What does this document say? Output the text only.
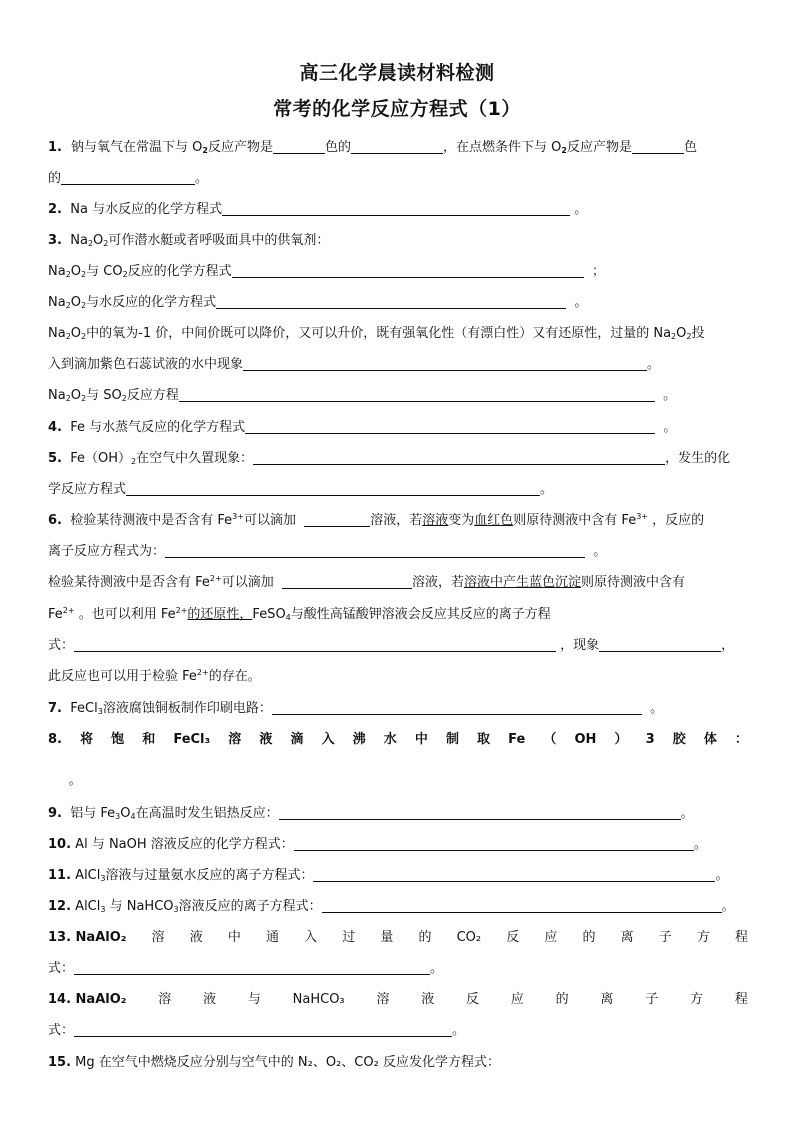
高三化学晨读材料检测
常考的化学反应方程式（1）
1. 钠与氧气在常温下与 $O_2$反应产物是	色的	，在点燃条件下与 $O_2$反应产物是	色
的	。
2. Na 与水反应的化学方程式	。
3. $Na_2O_2$可作潜水艇或者呼吸面具中的供氧剂：
$Na_2O_2$与 $CO_2$反应的化学方程式	；
$Na_2O_2$与水反应的化学方程式	。
$Na_2O_2$中的氧为-1 价，中间价既可以降价，又可以升价，既有强氧化性（有漂白性）又有还原性，过量的 $Na_2O_2$投
入到滴加紫色石蕊试液的水中现象	。
$Na_2O_2$与 $SO_2$反应方程	。
4. Fe 与水蒸气反应的化学方程式	。
5. $Fe(OH)_2$在空气中久置现象：	，发生的化
学反应方程式	。
6. 检验某待测液中是否含有 $Fe^{3+}$可以滴加	溶液，若溶液变为血红色则原待测液中含有 $Fe^{3+}$ ，反应的
离子反应方程式为：	。
检验某待测液中是否含有 $Fe^{2+}$可以滴加	溶液，若溶液中产生蓝色沉淀则原待测液中含有
$Fe^{2+}$ 。也可以利用 $Fe^{2+}$的还原性，FeSO$_4$与酸性高锰酸钾溶液会反应其反应的离子方程
式：	，现象	，
此反应也可以用于检验 $Fe^{2+}$的存在。
7. FeCl$_3$溶液腐蚀铜板制作印刷电路：	。
8. 将 饱 和 FeCl₃ 溶 液 滴 入 沸 水 中 制 取 Fe （ OH ） 3 胶 体 ：
。
9. 铝与 $Fe_3O_4$在高温时发生铝热反应：	。
10. Al 与 NaOH 溶液反应的化学方程式：	。
11. AlCl$_3$溶液与过量氨水反应的离子方程式：	。
12. AlCl$_3$ 与 NaHCO$_3$溶液反应的离子方程式：	。
13. NaAlO₂ 溶 液 中 通 入 过 量 的 CO₂ 反 应 的 离 子 方 程
式：	。
14. NaAlO₂ 溶 液 与 NaHCO₃ 溶 液 反 应 的 离 子 方 程
式：	。
15. Mg 在空气中燃烧反应分别与空气中的 N₂、O₂、CO₂ 反应发化学方程式：
